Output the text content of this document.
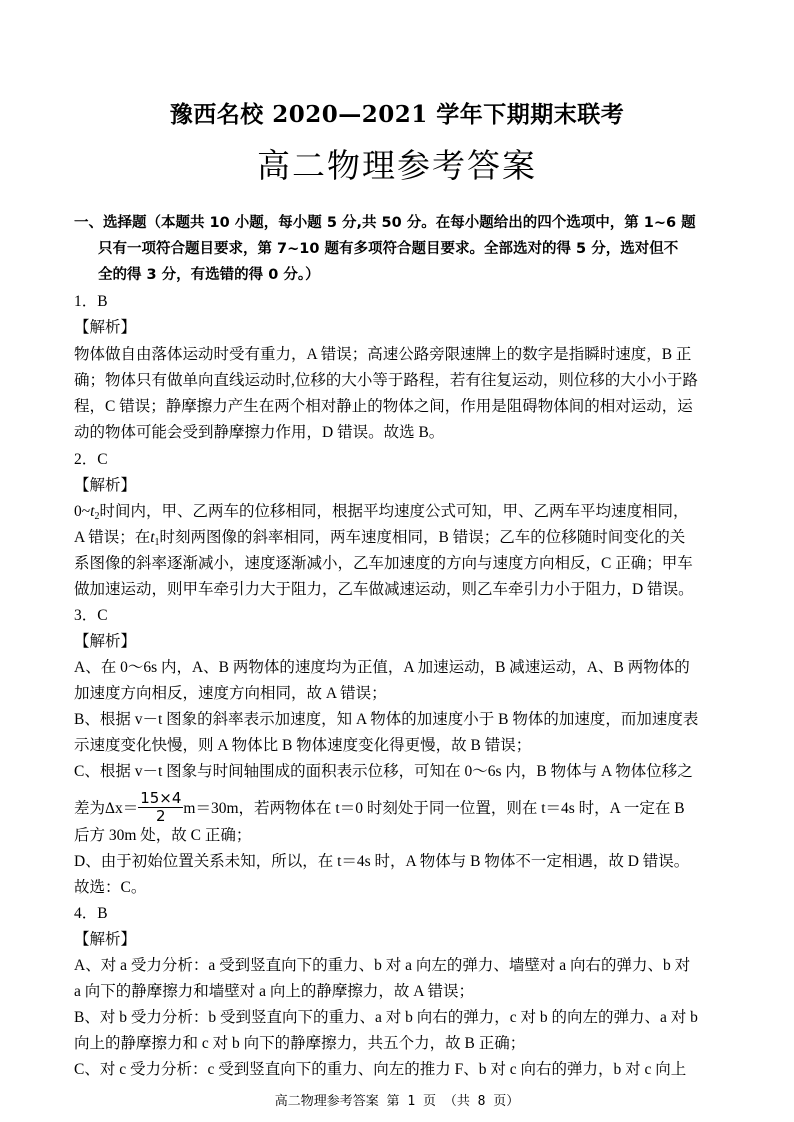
豫西名校 2020—2021 学年下期期末联考
高二物理参考答案
一、选择题（本题共 10 小题，每小题 5 分,共 50 分。在每小题给出的四个选项中，第 1~6 题
只有一项符合题目要求，第 7~10 题有多项符合题目要求。全部选对的得 5 分，选对但不
全的得 3 分，有选错的得 0 分。）
1．B
【解析】
物体做自由落体运动时受有重力，A 错误；高速公路旁限速牌上的数字是指瞬时速度，B 正
确；物体只有做单向直线运动时,位移的大小等于路程，若有往复运动，则位移的大小小于路
程，C 错误；静摩擦力产生在两个相对静止的物体之间，作用是阻碍物体间的相对运动，运
动的物体可能会受到静摩擦力作用，D 错误。故选 B。
2．C
【解析】
$0\sim t_2$时间内，甲、乙两车的位移相同，根据平均速度公式可知，甲、乙两车平均速度相同，
A 错误；在$t_1$时刻两图像的斜率相同，两车速度相同，B 错误；乙车的位移随时间变化的关
系图像的斜率逐渐减小，速度逐渐减小，乙车加速度的方向与速度方向相反，C 正确；甲车
做加速运动，则甲车牵引力大于阻力，乙车做减速运动，则乙车牵引力小于阻力，D 错误。
3．C
【解析】
A、在 0～6s 内，A、B 两物体的速度均为正值，A 加速运动，B 减速运动，A、B 两物体的
加速度方向相反，速度方向相同，故 A 错误；
B、根据 v－t 图象的斜率表示加速度，知 A 物体的加速度小于 B 物体的加速度，而加速度表
示速度变化快慢，则 A 物体比 B 物体速度变化得更慢，故 B 错误；
C、根据 v－t 图象与时间轴围成的面积表示位移，可知在 0～6s 内，B 物体与 A 物体位移之
差为$\Delta x= \frac{15\times 4}{2} m=30m$，若两物体在 t＝0 时刻处于同一位置，则在 t＝4s 时，A 一定在 B
后方 30m 处，故 C 正确；
D、由于初始位置关系未知，所以，在 t＝4s 时，A 物体与 B 物体不一定相遇，故 D 错误。
故选：C。
4．B
【解析】
A、对 a 受力分析：a 受到竖直向下的重力、b 对 a 向左的弹力、墙壁对 a 向右的弹力、b 对
a 向下的静摩擦力和墙壁对 a 向上的静摩擦力，故 A 错误；
B、对 b 受力分析：b 受到竖直向下的重力、a 对 b 向右的弹力，c 对 b 的向左的弹力、a 对 b
向上的静摩擦力和 c 对 b 向下的静摩擦力，共五个力，故 B 正确；
C、对 c 受力分析：c 受到竖直向下的重力、向左的推力 F、b 对 c 向右的弹力，b 对 c 向上
高二物理参考答案 第 1 页 （共 8 页）
